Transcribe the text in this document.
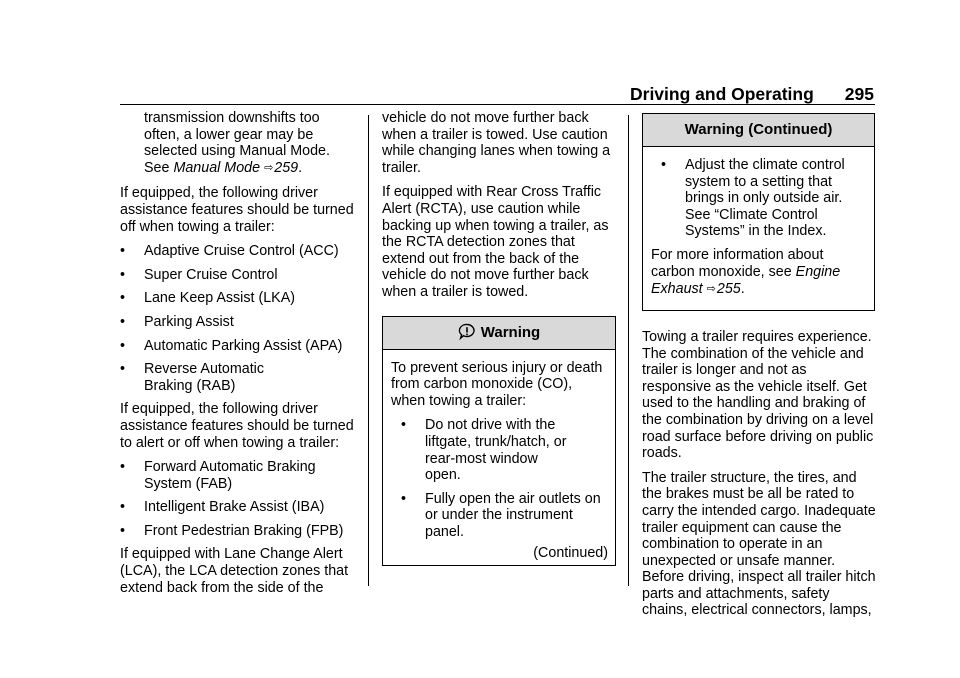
Driving and Operating 295
transmission downshifts too often, a lower gear may be selected using Manual Mode. See Manual Mode ⇨259.

If equipped, the following driver assistance features should be turned off when towing a trailer:

•	Adaptive Cruise Control (ACC)
•	Super Cruise Control
•	Lane Keep Assist (LKA)
•	Parking Assist
•	Automatic Parking Assist (APA)
•	Reverse Automatic Braking (RAB)

If equipped, the following driver assistance features should be turned to alert or off when towing a trailer:

•	Forward Automatic Braking System (FAB)
•	Intelligent Brake Assist (IBA)
•	Front Pedestrian Braking (FPB)

If equipped with Lane Change Alert (LCA), the LCA detection zones that extend back from the side of the

vehicle do not move further back when a trailer is towed. Use caution while changing lanes when towing a trailer.

If equipped with Rear Cross Traffic Alert (RCTA), use caution while backing up when towing a trailer, as the RCTA detection zones that extend out from the back of the vehicle do not move further back when a trailer is towed.

Warning

To prevent serious injury or death from carbon monoxide (CO), when towing a trailer:

•	Do not drive with the liftgate, trunk/hatch, or rear-most window open.
•	Fully open the air outlets on or under the instrument panel.
(Continued)
Warning (Continued)
•	Adjust the climate control system to a setting that brings in only outside air. See “Climate Control Systems” in the Index.

For more information about carbon monoxide, see Engine Exhaust ⇨255.

Towing a trailer requires experience. The combination of the vehicle and trailer is longer and not as responsive as the vehicle itself. Get used to the handling and braking of the combination by driving on a level road surface before driving on public roads.

The trailer structure, the tires, and the brakes must be all be rated to carry the intended cargo. Inadequate trailer equipment can cause the combination to operate in an unexpected or unsafe manner. Before driving, inspect all trailer hitch parts and attachments, safety chains, electrical connectors, lamps,
